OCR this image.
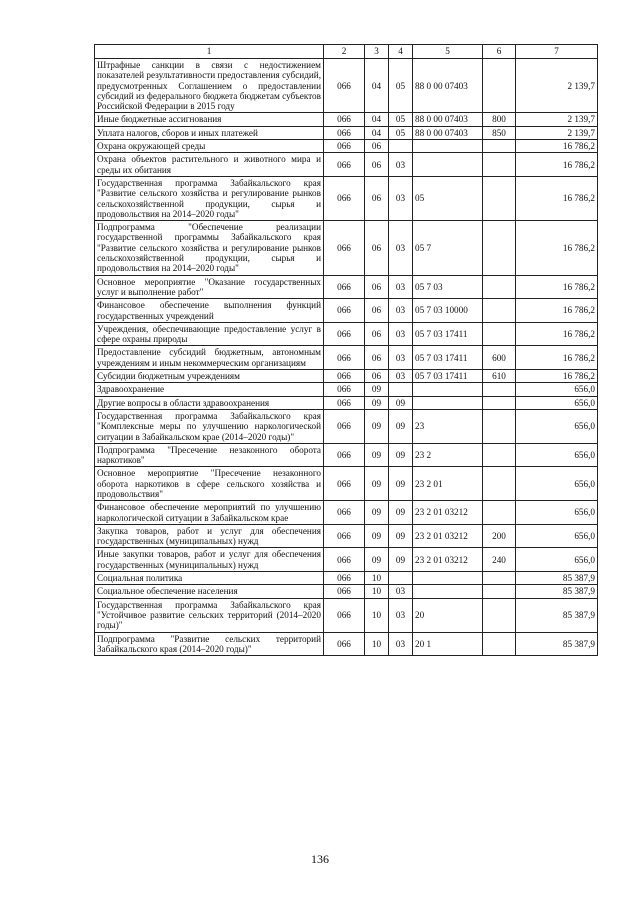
1	2	3	4	5	6	7
Штрафные санкции в связи с недостижением показателей результативности предоставления субсидий, предусмотренных Соглашением о предоставлении субсидий из федерального бюджета бюджетам субъектов Российской Федерации в 2015 году	066	04	05	88 0 00 07403		2 139,7
Иные бюджетные ассигнования	066	04	05	88 0 00 07403	800	2 139,7
Уплата налогов, сборов и иных платежей	066	04	05	88 0 00 07403	850	2 139,7
Охрана окружающей среды	066	06				16 786,2
Охрана объектов растительного и животного мира и среды их обитания	066	06	03			16 786,2
Государственная программа Забайкальского края "Развитие сельского хозяйства и регулирование рынков сельскохозяйственной продукции, сырья и продовольствия на 2014–2020 годы"	066	06	03	05		16 786,2
Подпрограмма "Обеспечение реализации государственной программы Забайкальского края "Развитие сельского хозяйства и регулирование рынков сельскохозяйственной продукции, сырья и продовольствия на 2014–2020 годы"	066	06	03	05 7		16 786,2
Основное мероприятие "Оказание государственных услуг и выполнение работ"	066	06	03	05 7 03		16 786,2
Финансовое обеспечение выполнения функций государственных учреждений	066	06	03	05 7 03 10000		16 786,2
Учреждения, обеспечивающие предоставление услуг в сфере охраны природы	066	06	03	05 7 03 17411		16 786,2
Предоставление субсидий бюджетным, автономным учреждениям и иным некоммерческим организациям	066	06	03	05 7 03 17411	600	16 786,2
Субсидии бюджетным учреждениям	066	06	03	05 7 03 17411	610	16 786,2
Здравоохранение	066	09				656,0
Другие вопросы в области здравоохранения	066	09	09			656,0
Государственная программа Забайкальского края "Комплексные меры по улучшению наркологической ситуации в Забайкальском крае (2014–2020 годы)"	066	09	09	23		656,0
Подпрограмма "Пресечение незаконного оборота наркотиков"	066	09	09	23 2		656,0
Основное мероприятие "Пресечение незаконного оборота наркотиков в сфере сельского хозяйства и продовольствия"	066	09	09	23 2 01		656,0
Финансовое обеспечение мероприятий по улучшению наркологической ситуации в Забайкальском крае	066	09	09	23 2 01 03212		656,0
Закупка товаров, работ и услуг для обеспечения государственных (муниципальных) нужд	066	09	09	23 2 01 03212	200	656,0
Иные закупки товаров, работ и услуг для обеспечения государственных (муниципальных) нужд	066	09	09	23 2 01 03212	240	656,0
Социальная политика	066	10				85 387,9
Социальное обеспечение населения	066	10	03			85 387,9
Государственная программа Забайкальского края "Устойчивое развитие сельских территорий (2014–2020 годы)"	066	10	03	20		85 387,9
Подпрограмма "Развитие сельских территорий Забайкальского края (2014–2020 годы)"	066	10	03	20 1		85 387,9
136
